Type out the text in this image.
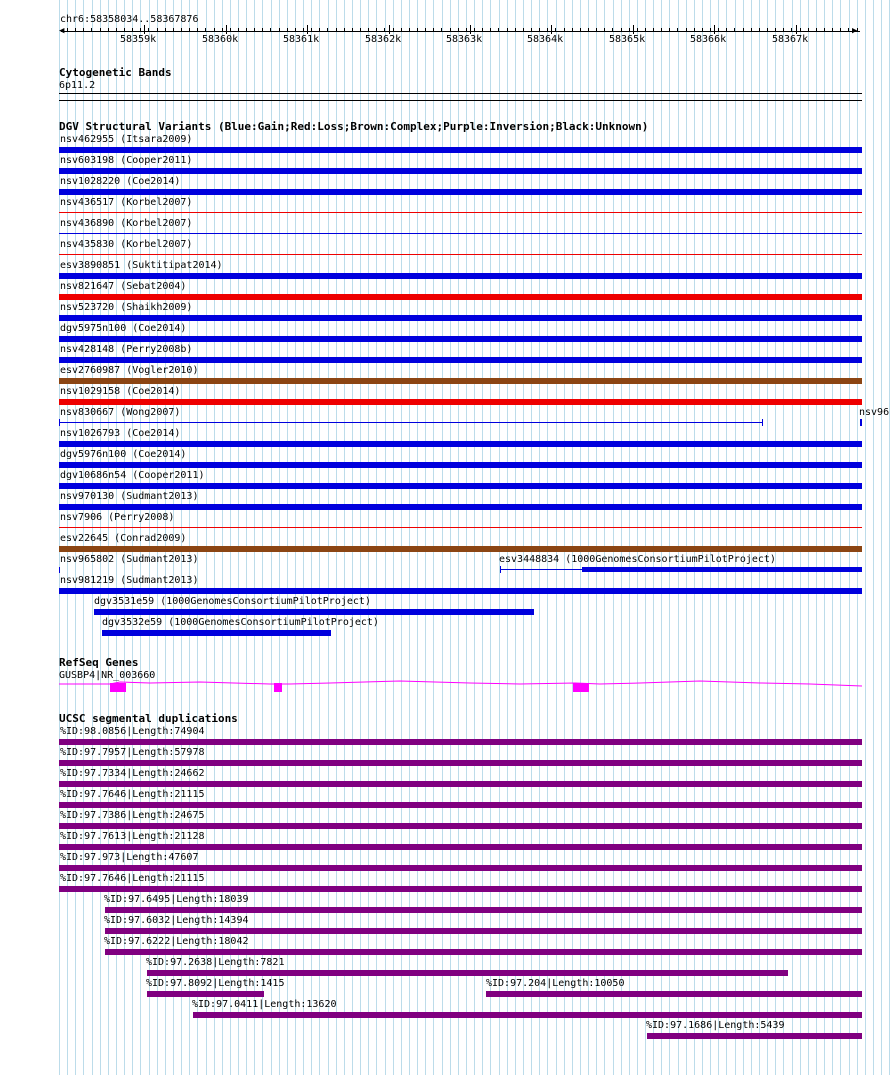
chr6:58358034..58367876
◀	▶
58359k	58360k	58361k	58362k	58363k	58364k	58365k	58366k	58367k
Cytogenetic Bands
6p11.2
DGV Structural Variants (Blue:Gain;Red:Loss;Brown:Complex;Purple:Inversion;Black:Unknown)
nsv462955 (Itsara2009)
nsv603198 (Cooper2011)
nsv1028220 (Coe2014)
nsv436517 (Korbel2007)
nsv436890 (Korbel2007)
nsv435830 (Korbel2007)
esv3890851 (Suktitipat2014)
nsv821647 (Sebat2004)
nsv523720 (Shaikh2009)
dgv5975n100 (Coe2014)
nsv428148 (Perry2008b)
esv2760987 (Vogler2010)
nsv1029158 (Coe2014)
nsv830667 (Wong2007)
nsv1026793 (Coe2014)
dgv5976n100 (Coe2014)
dgv10686n54 (Cooper2011)
nsv970130 (Sudmant2013)
nsv7906 (Perry2008)
esv22645 (Conrad2009)
nsv965802 (Sudmant2013)	esv3448834 (1000GenomesConsortiumPilotProject)
nsv981219 (Sudmant2013)
dgv3531e59 (1000GenomesConsortiumPilotProject)
dgv3532e59 (1000GenomesConsortiumPilotProject)
nsv96
RefSeq Genes
GUSBP4|NR_003660
UCSC segmental duplications
%ID:98.0856|Length:74904
%ID:97.7957|Length:57978
%ID:97.7334|Length:24662
%ID:97.7646|Length:21115
%ID:97.7386|Length:24675
%ID:97.7613|Length:21128
%ID:97.973|Length:47607
%ID:97.7646|Length:21115
%ID:97.6495|Length:18039
%ID:97.6032|Length:14394
%ID:97.6222|Length:18042
%ID:97.2638|Length:7821
%ID:97.8092|Length:1415	%ID:97.204|Length:10050
%ID:97.0411|Length:13620
%ID:97.1686|Length:5439
